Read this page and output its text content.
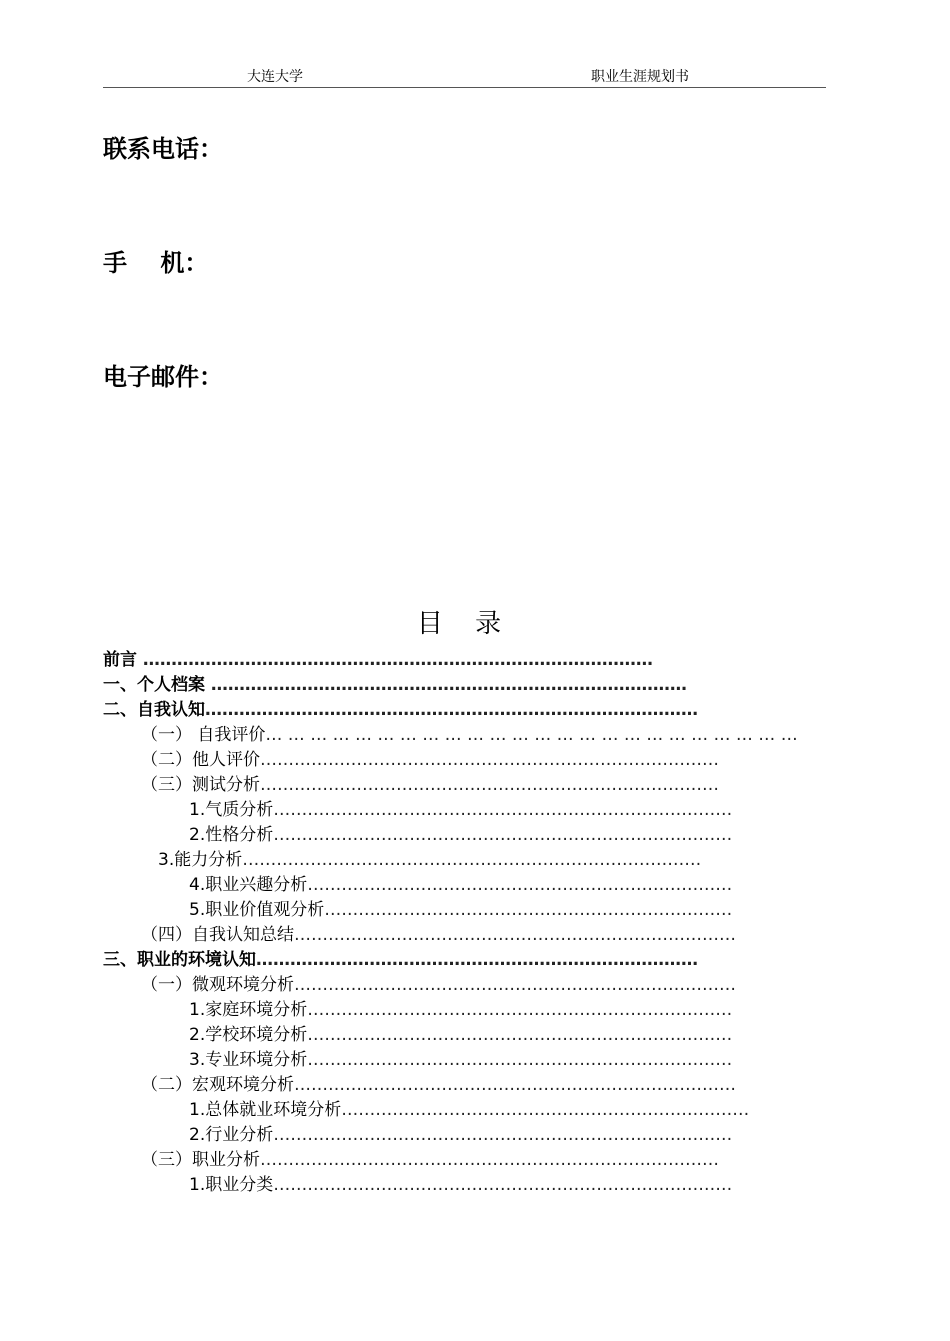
大连大学	职业生涯规划书
联系电话：
手    机：
电子邮件：
目 录
前言 ………………………………………………………………………………
一、个人档案 …………………………………………………………………………
二、自我认知……………………………………………………………………………
（一） 自我评价… … … … … … … … … … … … … … … … … … … … … … … …
（二）他人评价………………………………………………………………………
（三）测试分析………………………………………………………………………
1.气质分析………………………………………………………………………
2.性格分析………………………………………………………………………
3.能力分析………………………………………………………………………
4.职业兴趣分析…………………………………………………………………
5.职业价值观分析………………………………………………………………
（四）自我认知总结……………………………………………………………………
三、职业的环境认知……………………………………………………………………
（一）微观环境分析……………………………………………………………………
1.家庭环境分析…………………………………………………………………
2.学校环境分析…………………………………………………………………
3.专业环境分析…………………………………………………………………
（二）宏观环境分析……………………………………………………………………
1.总体就业环境分析………………………………………………………………
2.行业分析………………………………………………………………………
（三）职业分析………………………………………………………………………
1.职业分类………………………………………………………………………
